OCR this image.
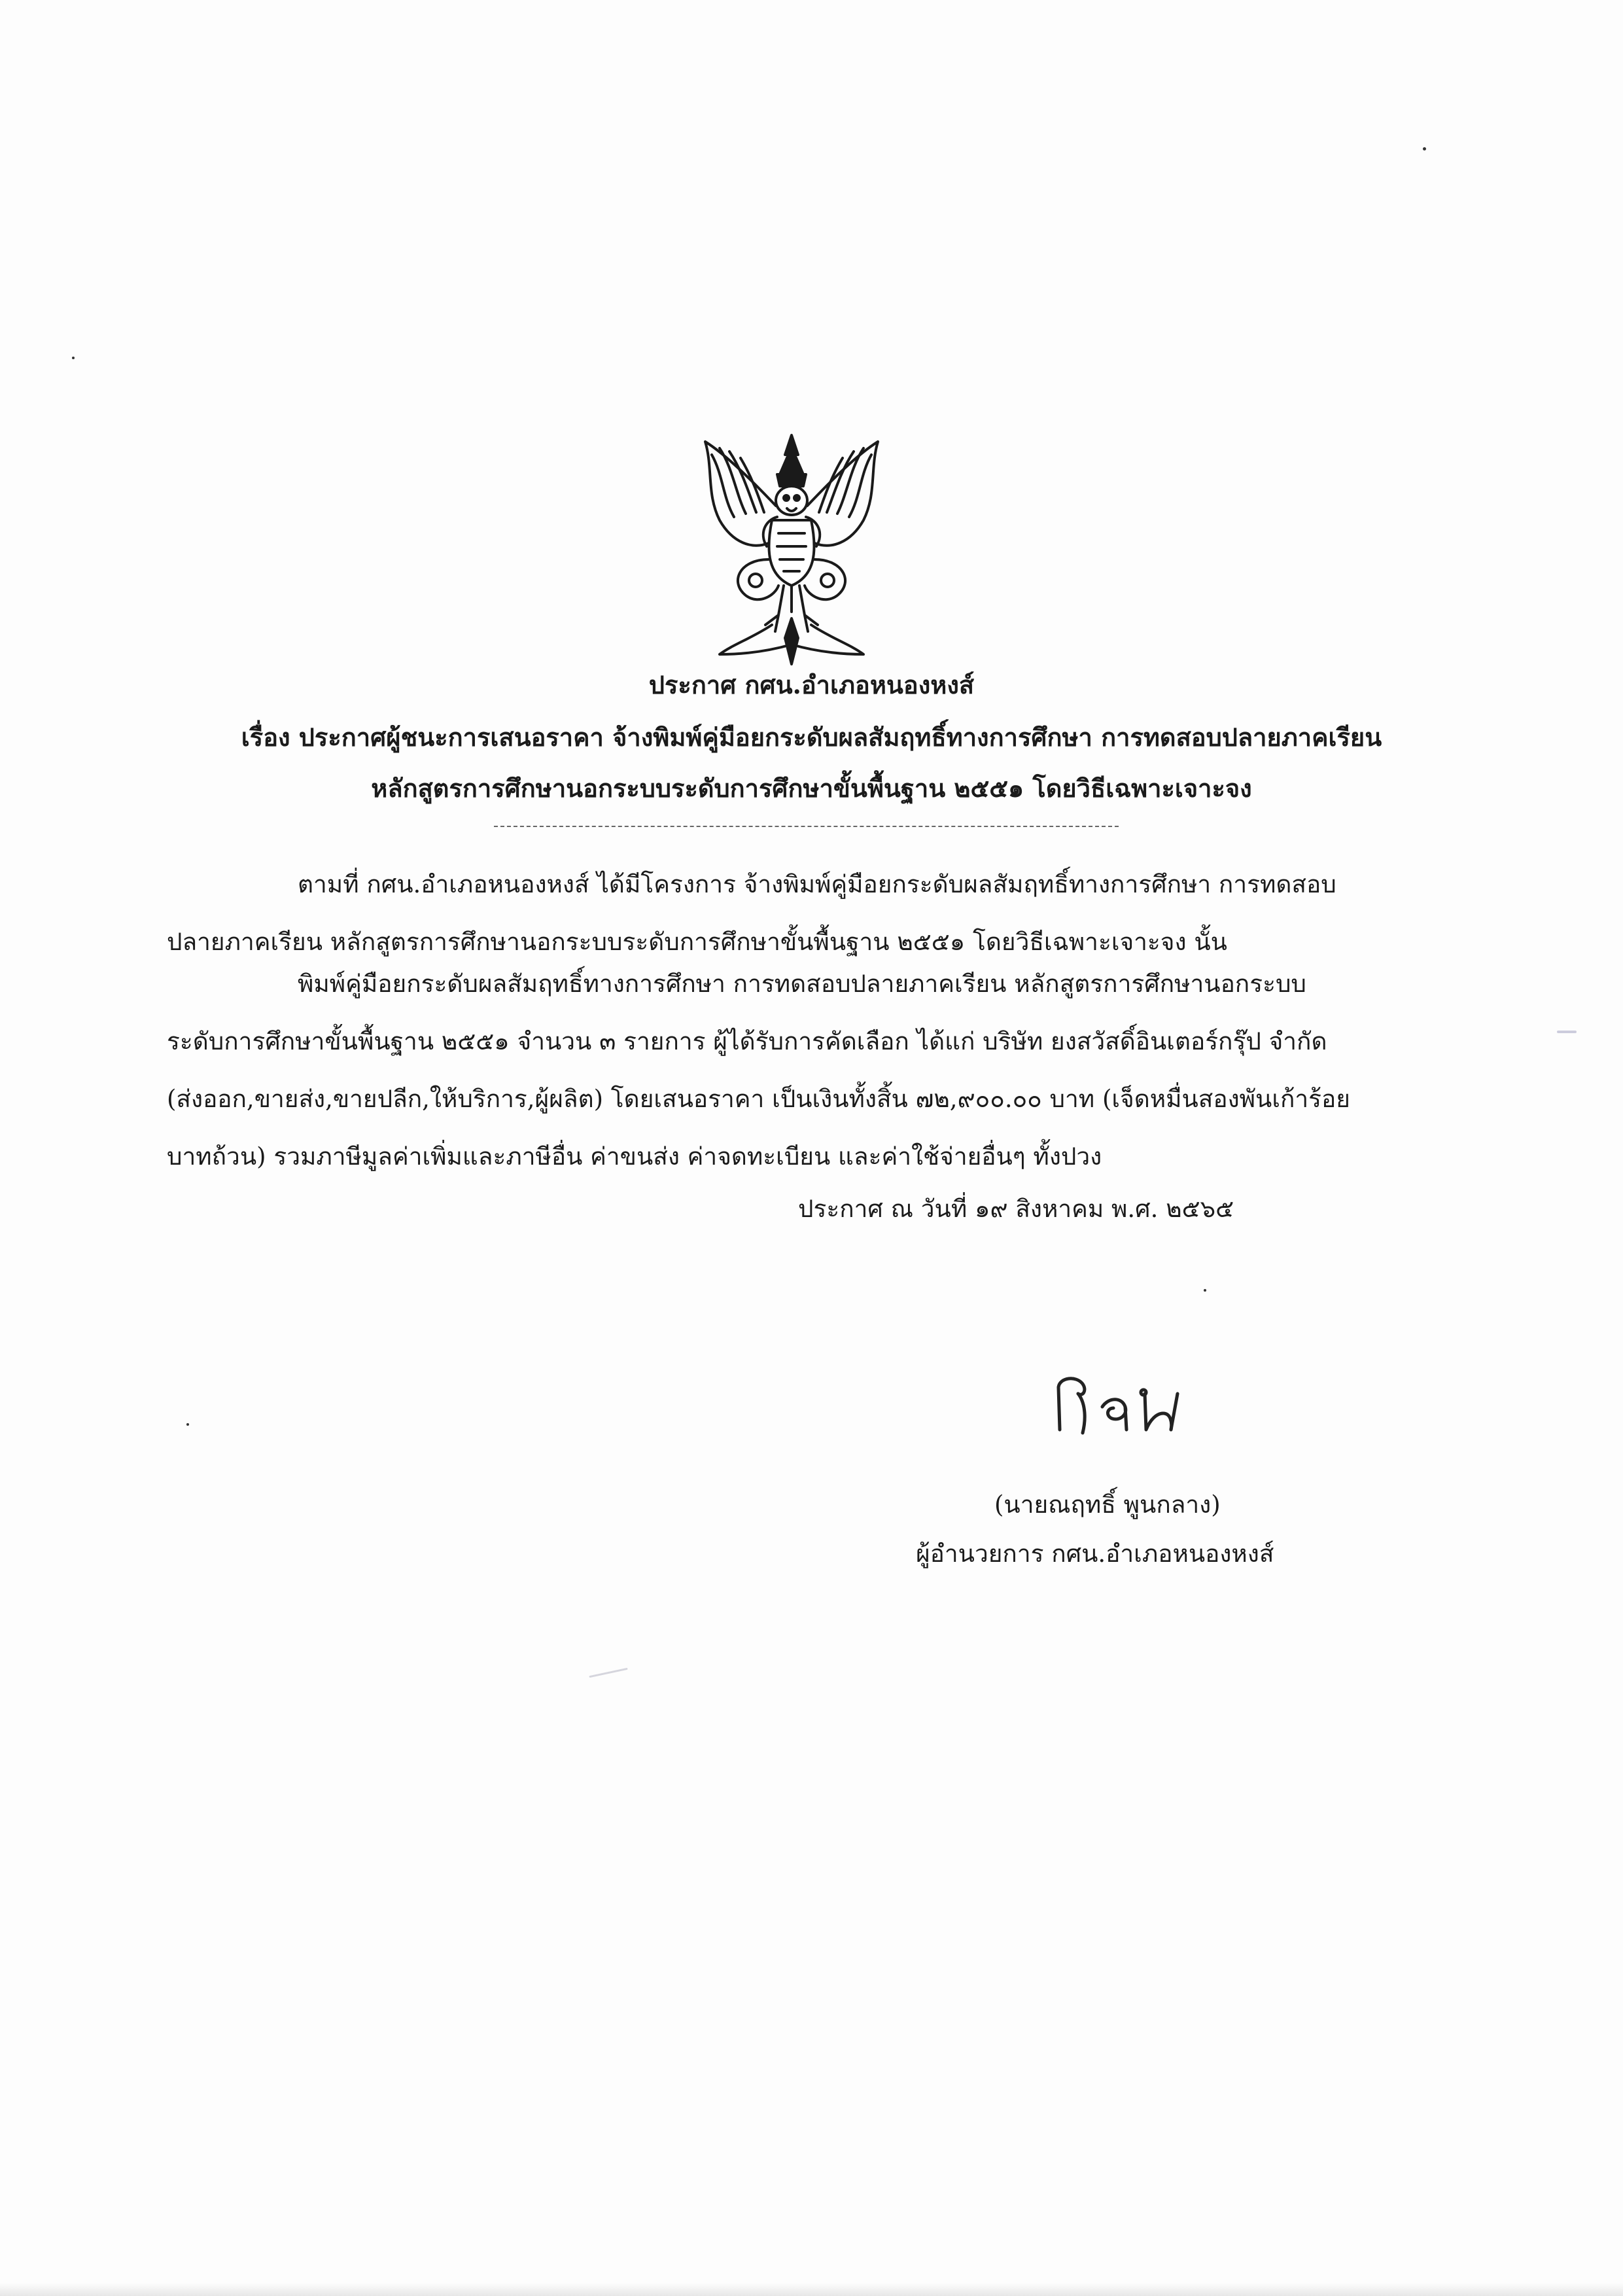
ประกาศ กศน.อำเภอหนองหงส์
เรื่อง ประกาศผู้ชนะการเสนอราคา จ้างพิมพ์คู่มือยกระดับผลสัมฤทธิ์ทางการศึกษา การทดสอบปลายภาคเรียน
หลักสูตรการศึกษานอกระบบระดับการศึกษาขั้นพื้นฐาน ๒๕๕๑ โดยวิธีเฉพาะเจาะจง
ตามที่ กศน.อำเภอหนองหงส์ ได้มีโครงการ จ้างพิมพ์คู่มือยกระดับผลสัมฤทธิ์ทางการศึกษา การทดสอบ
ปลายภาคเรียน หลักสูตรการศึกษานอกระบบระดับการศึกษาขั้นพื้นฐาน ๒๕๕๑ โดยวิธีเฉพาะเจาะจง นั้น
พิมพ์คู่มือยกระดับผลสัมฤทธิ์ทางการศึกษา การทดสอบปลายภาคเรียน หลักสูตรการศึกษานอกระบบ
ระดับการศึกษาขั้นพื้นฐาน ๒๕๕๑ จำนวน ๓ รายการ ผู้ได้รับการคัดเลือก ได้แก่ บริษัท ยงสวัสดิ์อินเตอร์กรุ๊ป จำกัด
(ส่งออก,ขายส่ง,ขายปลีก,ให้บริการ,ผู้ผลิต) โดยเสนอราคา เป็นเงินทั้งสิ้น ๗๒,๙๐๐.๐๐ บาท (เจ็ดหมื่นสองพันเก้าร้อย
บาทถ้วน) รวมภาษีมูลค่าเพิ่มและภาษีอื่น ค่าขนส่ง ค่าจดทะเบียน และค่าใช้จ่ายอื่นๆ ทั้งปวง
ประกาศ ณ วันที่ ๑๙ สิงหาคม พ.ศ. ๒๕๖๕
(นายณฤทธิ์ พูนกลาง)
ผู้อำนวยการ กศน.อำเภอหนองหงส์
